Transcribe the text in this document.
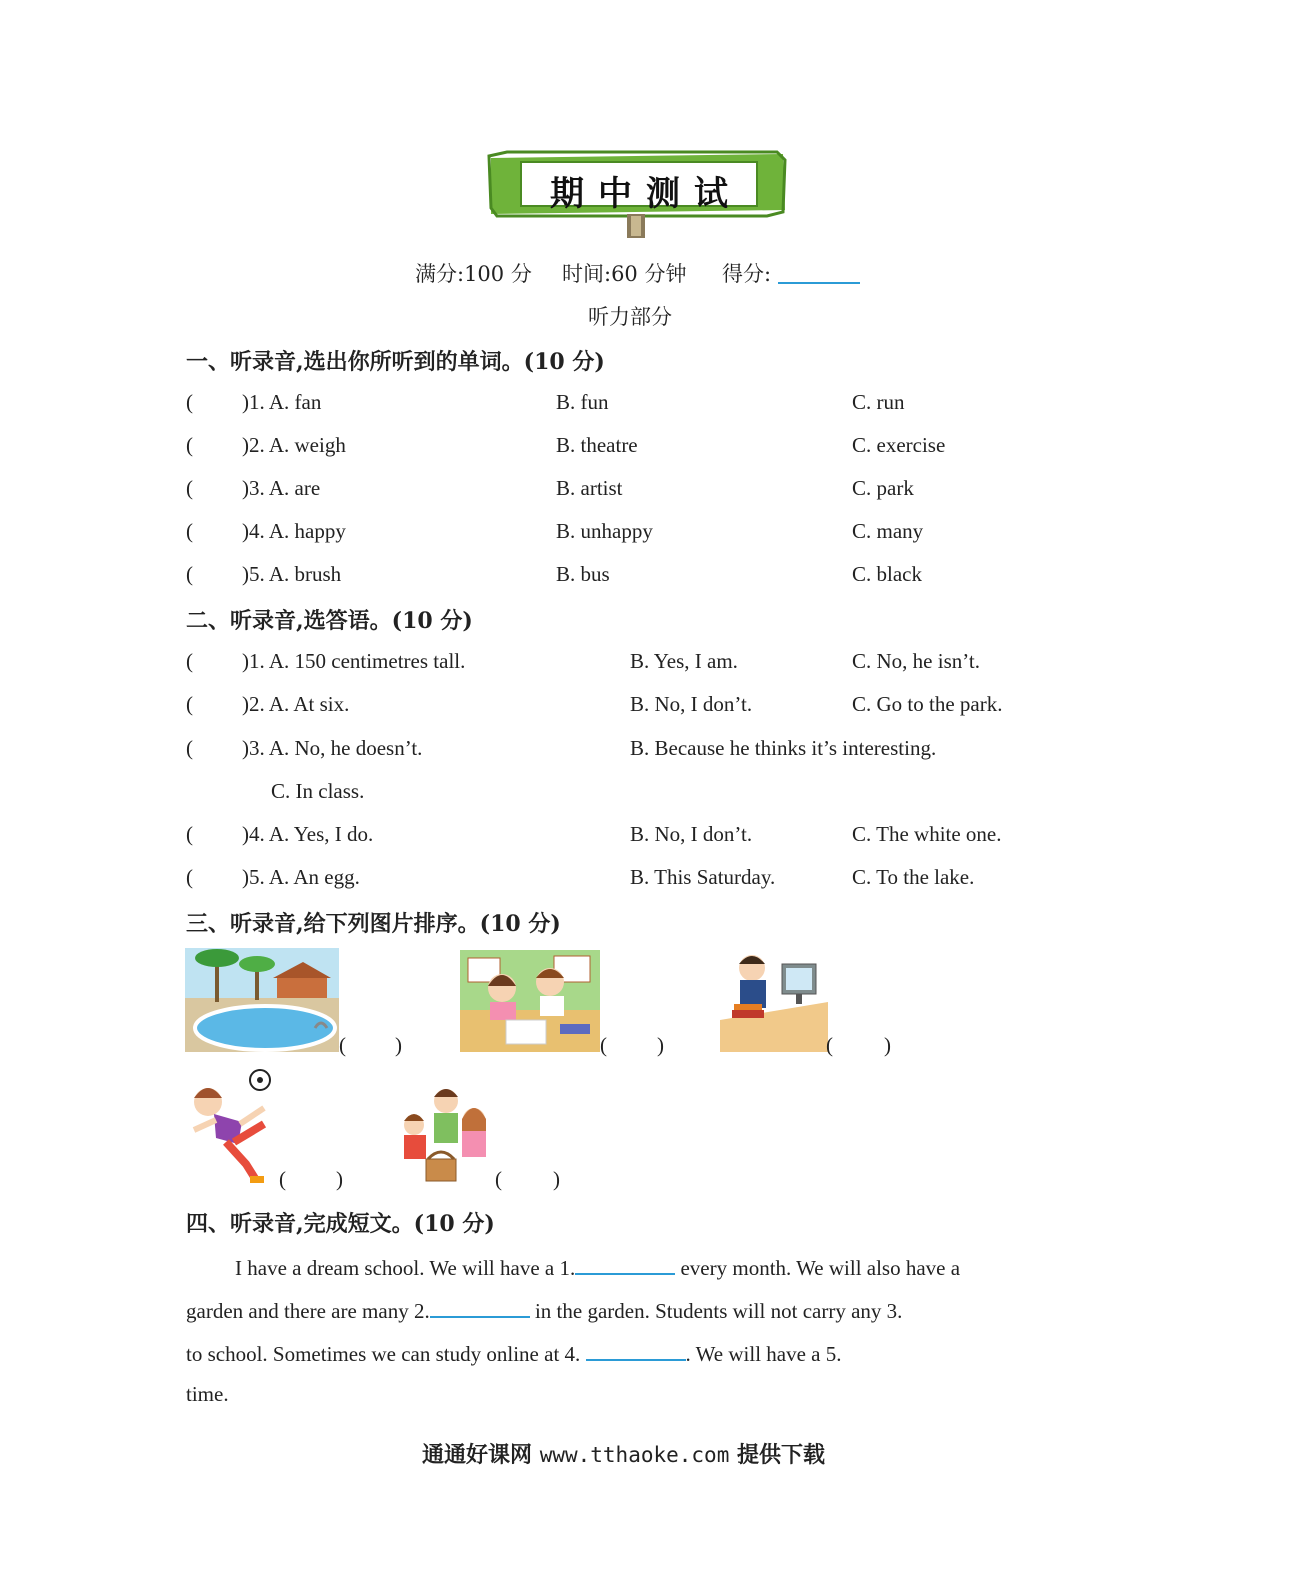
期中测试
满分:100 分 时间:60 分钟 得分:
听力部分
一、听录音,选出你所听到的单词。(10 分)
( )1. A. fan	B. fun	C. run
( )2. A. weigh	B. theatre	C. exercise
( )3. A. are	B. artist	C. park
( )4. A. happy	B. unhappy	C. many
( )5. A. brush	B. bus	C. black
二、听录音,选答语。(10 分)
( )1. A. 150 centimetres tall.	B. Yes, I am.	C. No, he isn’t.
( )2. A. At six.	B. No, I don’t.	C. Go to the park.
( )3. A. No, he doesn’t.	B. Because he thinks it’s interesting.
C. In class.
( )4. A. Yes, I do.	B. No, I don’t.	C. The white one.
( )5. A. An egg.	B. This Saturday.	C. To the lake.
三、听录音,给下列图片排序。(10 分)
( )	( )	( )
( )	( )
四、听录音,完成短文。(10 分)
I have a dream school. We will have a 1.	every month. We will also have a
garden and there are many 2.	in the garden. Students will not carry any 3.
to school. Sometimes we can study online at 4.	. We will have a 5.
time.
通通好课网 www.tthaoke.com 提供下载
